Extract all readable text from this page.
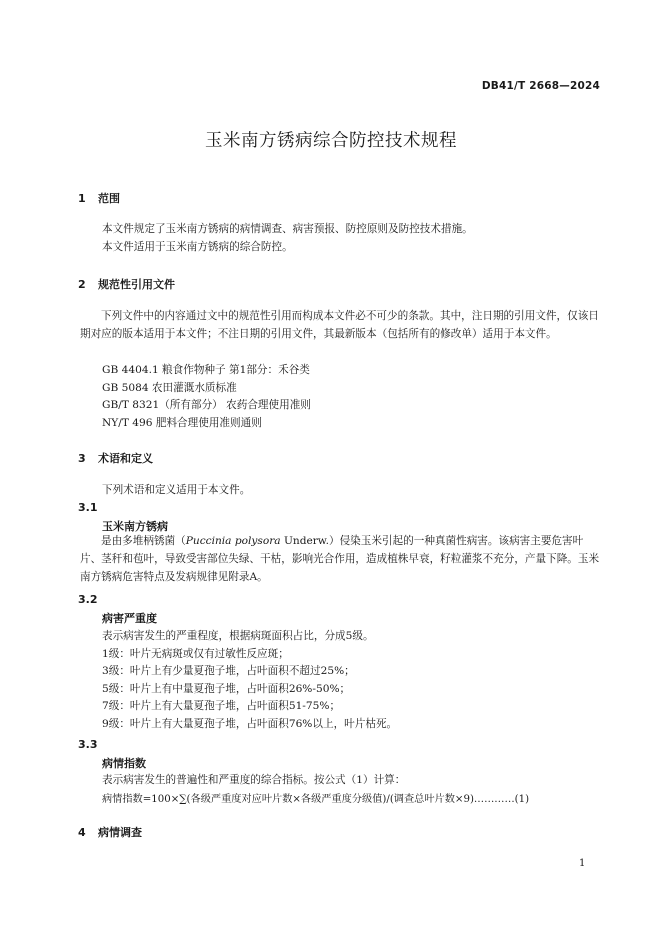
DB41/T 2668—2024
玉米南方锈病综合防控技术规程
1 范围
本文件规定了玉米南方锈病的病情调查、病害预报、防控原则及防控技术措施。
本文件适用于玉米南方锈病的综合防控。
2 规范性引用文件
下列文件中的内容通过文中的规范性引用而构成本文件必不可少的条款。其中，注日期的引用文件，仅该日期对应的版本适用于本文件；不注日期的引用文件，其最新版本（包括所有的修改单）适用于本文件。
GB 4404.1 粮食作物种子 第1部分：禾谷类
GB 5084 农田灌溉水质标准
GB/T 8321（所有部分） 农药合理使用准则
NY/T 496 肥料合理使用准则通则
3 术语和定义
下列术语和定义适用于本文件。
3.1
玉米南方锈病
是由多堆柄锈菌（Puccinia polysora Underw.）侵染玉米引起的一种真菌性病害。该病害主要危害叶片、茎秆和苞叶，导致受害部位失绿、干枯，影响光合作用，造成植株早衰，籽粒灌浆不充分，产量下降。玉米南方锈病危害特点及发病规律见附录A。
3.2
病害严重度
表示病害发生的严重程度，根据病斑面积占比，分成5级。
1级：叶片无病斑或仅有过敏性反应斑；
3级：叶片上有少量夏孢子堆，占叶面积不超过25%；
5级：叶片上有中量夏孢子堆，占叶面积26%-50%；
7级：叶片上有大量夏孢子堆，占叶面积51-75%；
9级：叶片上有大量夏孢子堆，占叶面积76%以上，叶片枯死。
3.3
病情指数
表示病害发生的普遍性和严重度的综合指标。按公式（1）计算：
病情指数=100×∑(各级严重度对应叶片数×各级严重度分级值)/(调查总叶片数×9)…………(1)
4 病情调查
1
